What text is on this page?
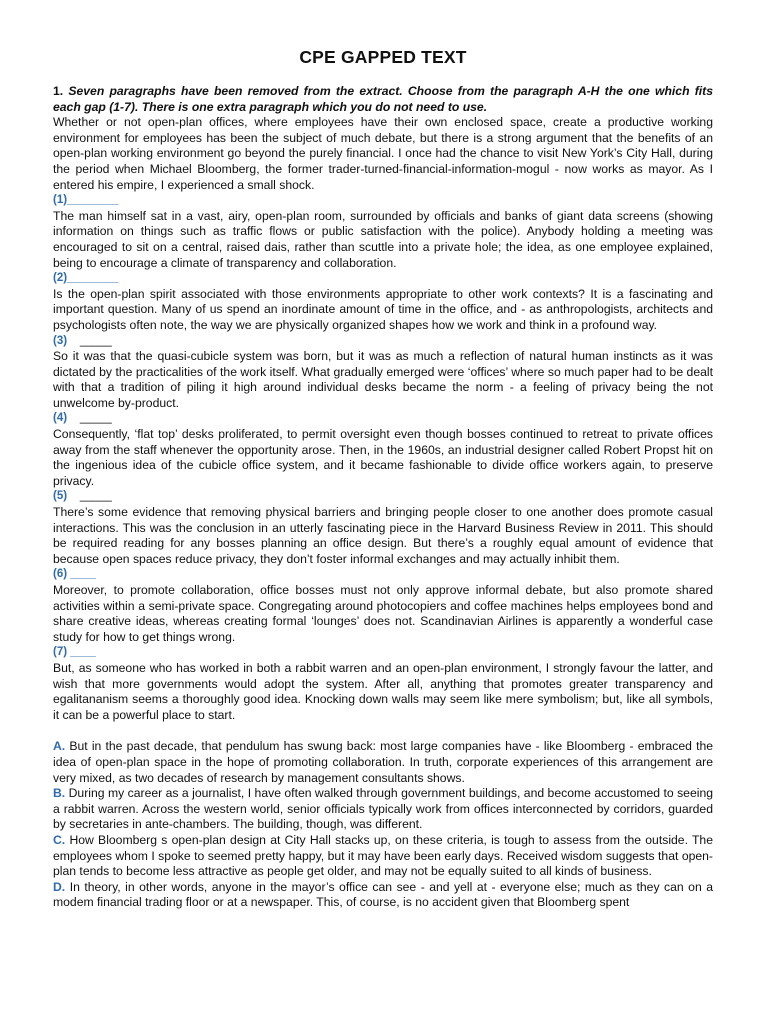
CPE GAPPED TEXT

1. Seven paragraphs have been removed from the extract. Choose from the paragraph A-H the one which fits each gap (1-7). There is one extra paragraph which you do not need to use.

Whether or not open-plan offices, where employees have their own enclosed space, create a productive working environment for employees has been the subject of much debate, but there is a strong argument that the benefits of an open-plan working environment go beyond the purely financial. I once had the chance to visit New York’s City Hall, during the period when Michael Bloomberg, the former trader-turned-financial-information-mogul - now works as mayor. As I entered his empire, I experienced a small shock.

(1)________

The man himself sat in a vast, airy, open-plan room, surrounded by officials and banks of giant data screens (showing information on things such as traffic flows or public satisfaction with the police). Anybody holding a meeting was encouraged to sit on a central, raised dais, rather than scuttle into a private hole; the idea, as one employee explained, being to encourage a climate of transparency and collaboration.

(2)________

Is the open-plan spirit associated with those environments appropriate to other work contexts? It is a fascinating and important question. Many of us spend an inordinate amount of time in the office, and - as anthropologists, architects and psychologists often note, the way we are physically organized shapes how we work and think in a profound way.

(3) _____

So it was that the quasi-cubicle system was born, but it was as much a reflection of natural human instincts as it was dictated by the practicalities of the work itself. What gradually emerged were ‘offices’ where so much paper had to be dealt with that a tradition of piling it high around individual desks became the norm - a feeling of privacy being the not unwelcome by-product.

(4) _____

Consequently, ‘flat top’ desks proliferated, to permit oversight even though bosses continued to retreat to private offices away from the staff whenever the opportunity arose. Then, in the 1960s, an industrial designer called Robert Propst hit on the ingenious idea of the cubicle office system, and it became fashionable to divide office workers again, to preserve privacy.

(5) _____

There’s some evidence that removing physical barriers and bringing people closer to one another does promote casual interactions. This was the conclusion in an utterly fascinating piece in the Harvard Business Review in 2011. This should be required reading for any bosses planning an office design. But there’s a roughly equal amount of evidence that because open spaces reduce privacy, they don’t foster informal exchanges and may actually inhibit them.

(6) ____

Moreover, to promote collaboration, office bosses must not only approve informal debate, but also promote shared activities within a semi-private space. Congregating around photocopiers and coffee machines helps employees bond and share creative ideas, whereas creating formal ‘lounges’ does not. Scandinavian Airlines is apparently a wonderful case study for how to get things wrong.

(7) ____

But, as someone who has worked in both a rabbit warren and an open-plan environment, I strongly favour the latter, and wish that more governments would adopt the system. After all, anything that promotes greater transparency and egalitananism seems a thoroughly good idea. Knocking down walls may seem like mere symbolism; but, like all symbols, it can be a powerful place to start.

A. But in the past decade, that pendulum has swung back: most large companies have - like Bloomberg - embraced the idea of open-plan space in the hope of promoting collaboration. In truth, corporate experiences of this arrangement are very mixed, as two decades of research by management consultants shows.

B. During my career as a journalist, I have often walked through government buildings, and become accustomed to seeing a rabbit warren. Across the western world, senior officials typically work from offices interconnected by corridors, guarded by secretaries in ante-chambers. The building, though, was different.

C. How Bloomberg s open-plan design at City Hall stacks up, on these criteria, is tough to assess from the outside. The employees whom I spoke to seemed pretty happy, but it may have been early days. Received wisdom suggests that open-plan tends to become less attractive as people get older, and may not be equally suited to all kinds of business.

D. In theory, in other words, anyone in the mayor’s office can see - and yell at - everyone else; much as they can on a modem financial trading floor or at a newspaper. This, of course, is no accident given that Bloomberg spent
